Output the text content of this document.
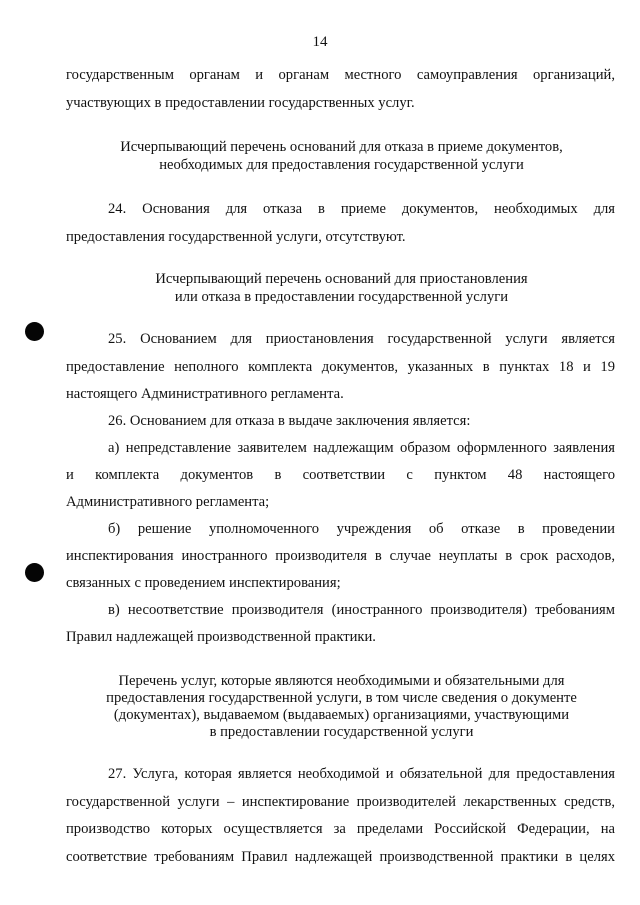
14
государственным органам и органам местного самоуправления организаций,
участвующих в предоставлении государственных услуг.
Исчерпывающий перечень оснований для отказа в приеме документов,
необходимых для предоставления государственной услуги
24. Основания для отказа в приеме документов, необходимых для
предоставления государственной услуги, отсутствуют.
Исчерпывающий перечень оснований для приостановления
или отказа в предоставлении государственной услуги
25. Основанием для приостановления государственной услуги является
предоставление неполного комплекта документов, указанных в пунктах 18 и 19
настоящего Административного регламента.
26. Основанием для отказа в выдаче заключения является:
а) непредставление заявителем надлежащим образом оформленного заявления
и комплекта документов в соответствии с пунктом 48 настоящего
Административного регламента;
б) решение уполномоченного учреждения об отказе в проведении
инспектирования иностранного производителя в случае неуплаты в срок расходов,
связанных с проведением инспектирования;
в) несоответствие производителя (иностранного производителя) требованиям
Правил надлежащей производственной практики.
Перечень услуг, которые являются необходимыми и обязательными для
предоставления государственной услуги, в том числе сведения о документе
(документах), выдаваемом (выдаваемых) организациями, участвующими
в предоставлении государственной услуги
27. Услуга, которая является необходимой и обязательной для предоставления
государственной услуги – инспектирование производителей лекарственных средств,
производство которых осуществляется за пределами Российской Федерации, на
соответствие требованиям Правил надлежащей производственной практики в целях
